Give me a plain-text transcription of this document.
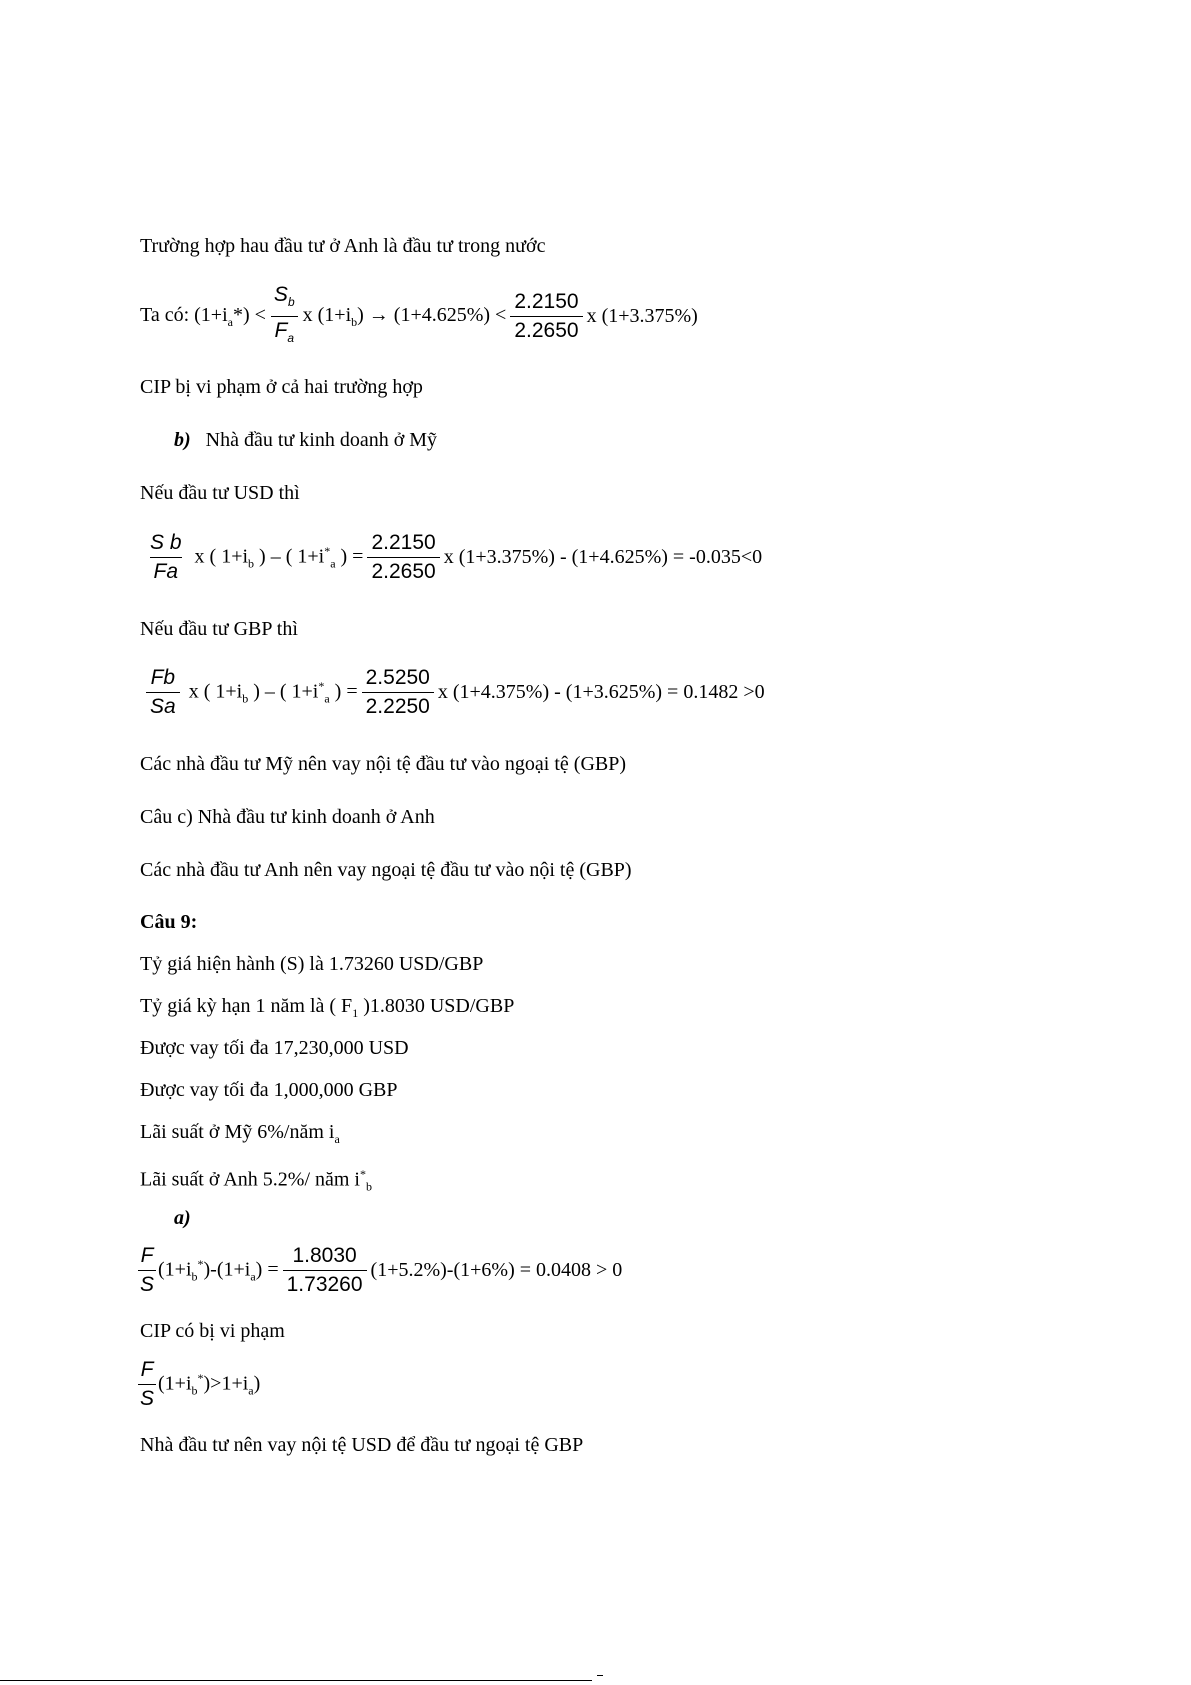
Trường hợp hau đầu tư ở Anh là đầu tư trong nước
Ta có: $(1+i_a*) < \frac{S_b}{F_a}$ x $(1+i_b) \to (1+4.625\%) < \frac{2.2150}{2.2650}$ x (1+3.375%)
CIP bị vi phạm ở cả hai trường hợp
b) Nhà đầu tư kinh doanh ở Mỹ
Nếu đầu tư USD thì
$\frac{\text{S b}}{Fa}$ x ( $1+i_b$ ) – ( $1+i^*_a$ ) = $\frac{2.2150}{2.2650}$ x (1+3.375%) - (1+4.625%) = -0.035<0
Nếu đầu tư GBP thì
$\frac{Fb}{Sa}$ x ( $1+i_b$ ) – ( $1+i^*_a$ ) = $\frac{2.5250}{2.2250}$ x (1+4.375%) - (1+3.625%) = 0.1482 >0
Các nhà đầu tư Mỹ nên vay nội tệ đầu tư vào ngoại tệ (GBP)
Câu c) Nhà đầu tư kinh doanh ở Anh
Các nhà đầu tư Anh nên vay ngoại tệ đầu tư vào nội tệ (GBP)
Câu 9:
Tỷ giá hiện hành (S) là 1.73260 USD/GBP
Tỷ giá kỳ hạn 1 năm là ( $F_1$ )1.8030 USD/GBP
Được vay tối đa 17,230,000 USD
Được vay tối đa 1,000,000 GBP
Lãi suất ở Mỹ 6%/năm $i_a$
Lãi suất ở Anh 5.2%/ năm $i^*_b$
a)
$\frac{F}{S} (1+i_b^*)-(1+i_a) = \frac{1.8030}{1.73260} (1+5.2\%)-(1+6\%) = 0.0408 > 0$
CIP có bị vi phạm
$\frac{F}{S} (1+i_b^*)>1+i_a$)
Nhà đầu tư nên vay nội tệ USD để đầu tư ngoại tệ GBP
